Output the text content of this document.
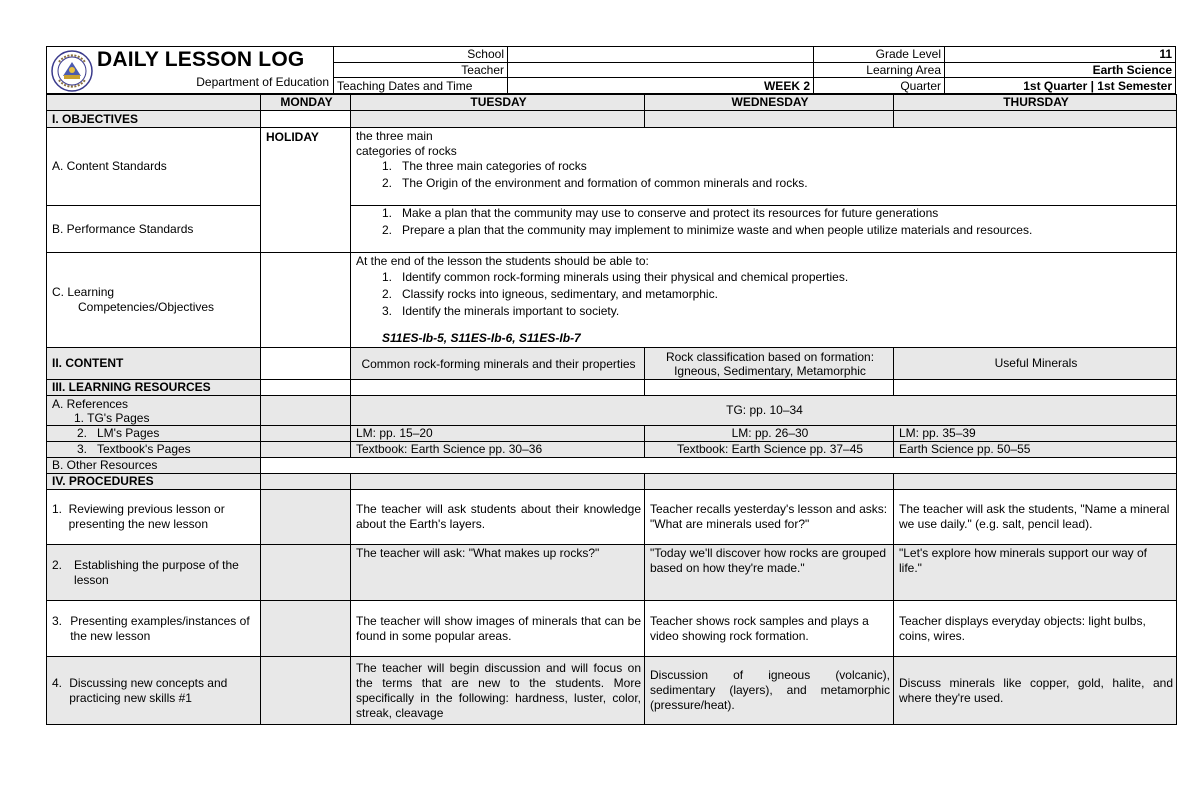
DAILY LESSON LOG
Department of Education
School		Grade Level	11
Teacher		Learning Area	Earth Science
Teaching Dates and Time	WEEK 2	Quarter	1st Quarter | 1st Semester
	MONDAY	TUESDAY	WEDNESDAY	THURSDAY
I. OBJECTIVES				
A. Content Standards	HOLIDAY	the three main
categories of rocks
1. The three main categories of rocks
2. The Origin of the environment and formation of common minerals and rocks.		

B. Performance Standards		1. Make a plan that the community may use to conserve and protect its resources for future generations
2. Prepare a plan that the community may implement to minimize waste and when people utilize materials and resources.		

C. Learning
Competencies/Objectives		At the end of the lesson the students should be able to:
1. Identify common rock-forming minerals using their physical and chemical properties.
2. Classify rocks into igneous, sedimentary, and metamorphic.
3. Identify the minerals important to society.
S11ES-Ib-5, S11ES-Ib-6, S11ES-Ib-7		

II. CONTENT		Common rock-forming minerals and their properties	Rock classification based on formation: Igneous, Sedimentary, Metamorphic	Useful Minerals
III. LEARNING RESOURCES				

A. References
1. TG's Pages		TG: pp. 10–34		
2. LM's Pages		LM: pp. 15–20	LM: pp. 26–30	LM: pp. 35–39
3. Textbook's Pages		Textbook: Earth Science pp. 30–36	Textbook: Earth Science pp. 37–45	Earth Science pp. 50–55
B. Other Resources				
IV. PROCEDURES				

1. Reviewing previous lesson or presenting the new lesson		The teacher will ask students about their knowledge about the Earth's layers.	Teacher recalls yesterday's lesson and asks: "What are minerals used for?"	The teacher will ask the students, "Name a mineral we use daily." (e.g. salt, pencil lead).

2. Establishing the purpose of the lesson		The teacher will ask: "What makes up rocks?"	"Today we'll discover how rocks are grouped based on how they're made."	"Let's explore how minerals support our way of life."

3. Presenting examples/instances of the new lesson		The teacher will show images of minerals that can be found in some popular areas.	Teacher shows rock samples and plays a video showing rock formation.	Teacher displays everyday objects: light bulbs, coins, wires.

4. Discussing new concepts and practicing new skills #1		The teacher will begin discussion and will focus on the terms that are new to the students. More specifically in the following: hardness, luster, color, streak, cleavage	Discussion of igneous (volcanic), sedimentary (layers), and metamorphic (pressure/heat).	Discuss minerals like copper, gold, halite, and where they're used.
